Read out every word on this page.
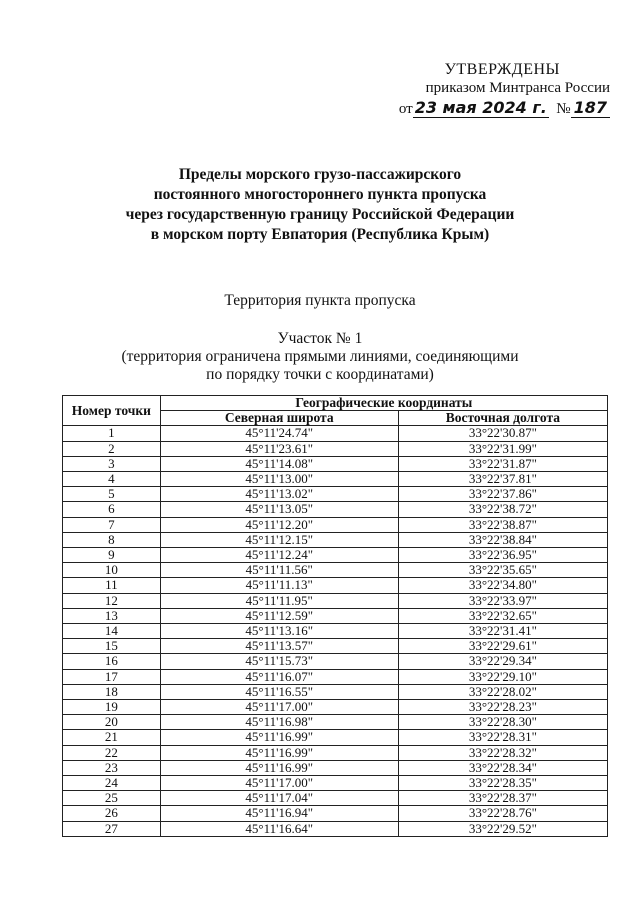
УТВЕРЖДЕНЫ
приказом Минтранса России
от 23 мая 2024 г. № 187
Пределы морского грузо-пассажирского
постоянного многостороннего пункта пропуска
через государственную границу Российской Федерации
в морском порту Евпатория (Республика Крым)
Территория пункта пропуска
Участок № 1
(территория ограничена прямыми линиями, соединяющими
по порядку точки с координатами)
Номер точки	Географические координаты	
	Северная широта	Восточная долгота
1	45°11'24.74"	33°22'30.87"
2	45°11'23.61"	33°22'31.99"
3	45°11'14.08"	33°22'31.87"
4	45°11'13.00"	33°22'37.81"
5	45°11'13.02"	33°22'37.86"
6	45°11'13.05"	33°22'38.72"
7	45°11'12.20"	33°22'38.87"
8	45°11'12.15"	33°22'38.84"
9	45°11'12.24"	33°22'36.95"
10	45°11'11.56"	33°22'35.65"
11	45°11'11.13"	33°22'34.80"
12	45°11'11.95"	33°22'33.97"
13	45°11'12.59"	33°22'32.65"
14	45°11'13.16"	33°22'31.41"
15	45°11'13.57"	33°22'29.61"
16	45°11'15.73"	33°22'29.34"
17	45°11'16.07"	33°22'29.10"
18	45°11'16.55"	33°22'28.02"
19	45°11'17.00"	33°22'28.23"
20	45°11'16.98"	33°22'28.30"
21	45°11'16.99"	33°22'28.31"
22	45°11'16.99"	33°22'28.32"
23	45°11'16.99"	33°22'28.34"
24	45°11'17.00"	33°22'28.35"
25	45°11'17.04"	33°22'28.37"
26	45°11'16.94"	33°22'28.76"
27	45°11'16.64"	33°22'29.52"
